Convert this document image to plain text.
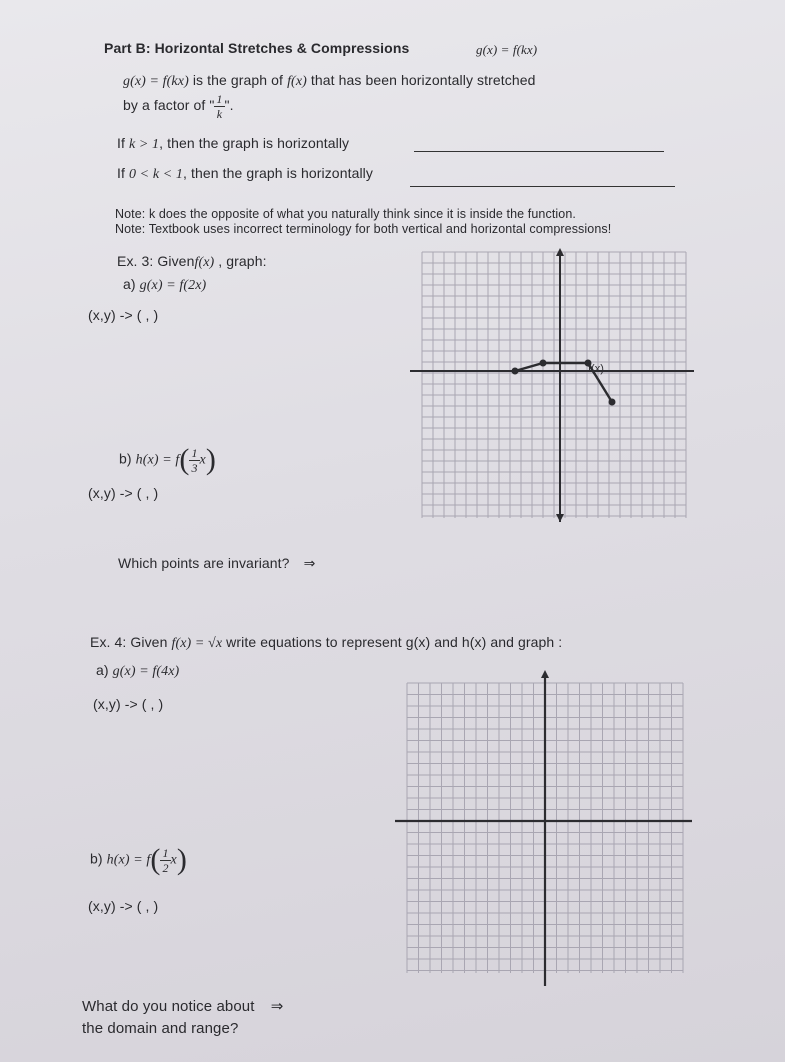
Part B: Horizontal Stretches & Compressions	g(x) = f(kx)
g(x) = f(kx) is the graph of f(x) that has been horizontally stretched
by a factor of " $\frac{1}{k}$ ".
If k > 1, then the graph is horizontally
If 0 < k < 1, then the graph is horizontally
Note: k does the opposite of what you naturally think since it is inside the function.
Note: Textbook uses incorrect terminology for both vertical and horizontal compressions!
Ex. 3: Givenf(x) , graph:
a) g(x) = f(2x)
(x,y) -> ( , )
b) $h(x) = f( \frac{1}{3} x)$
(x,y) -> ( , )
Which points are invariant? ⇒
f(x)
Ex. 4: Given f(x) = √x write equations to represent g(x) and h(x) and graph :
a) g(x) = f(4x)
(x,y) -> ( , )
b) $h(x) = f( \frac{1}{2} x)$
(x,y) -> ( , )
What do you notice about ⇒
the domain and range?
